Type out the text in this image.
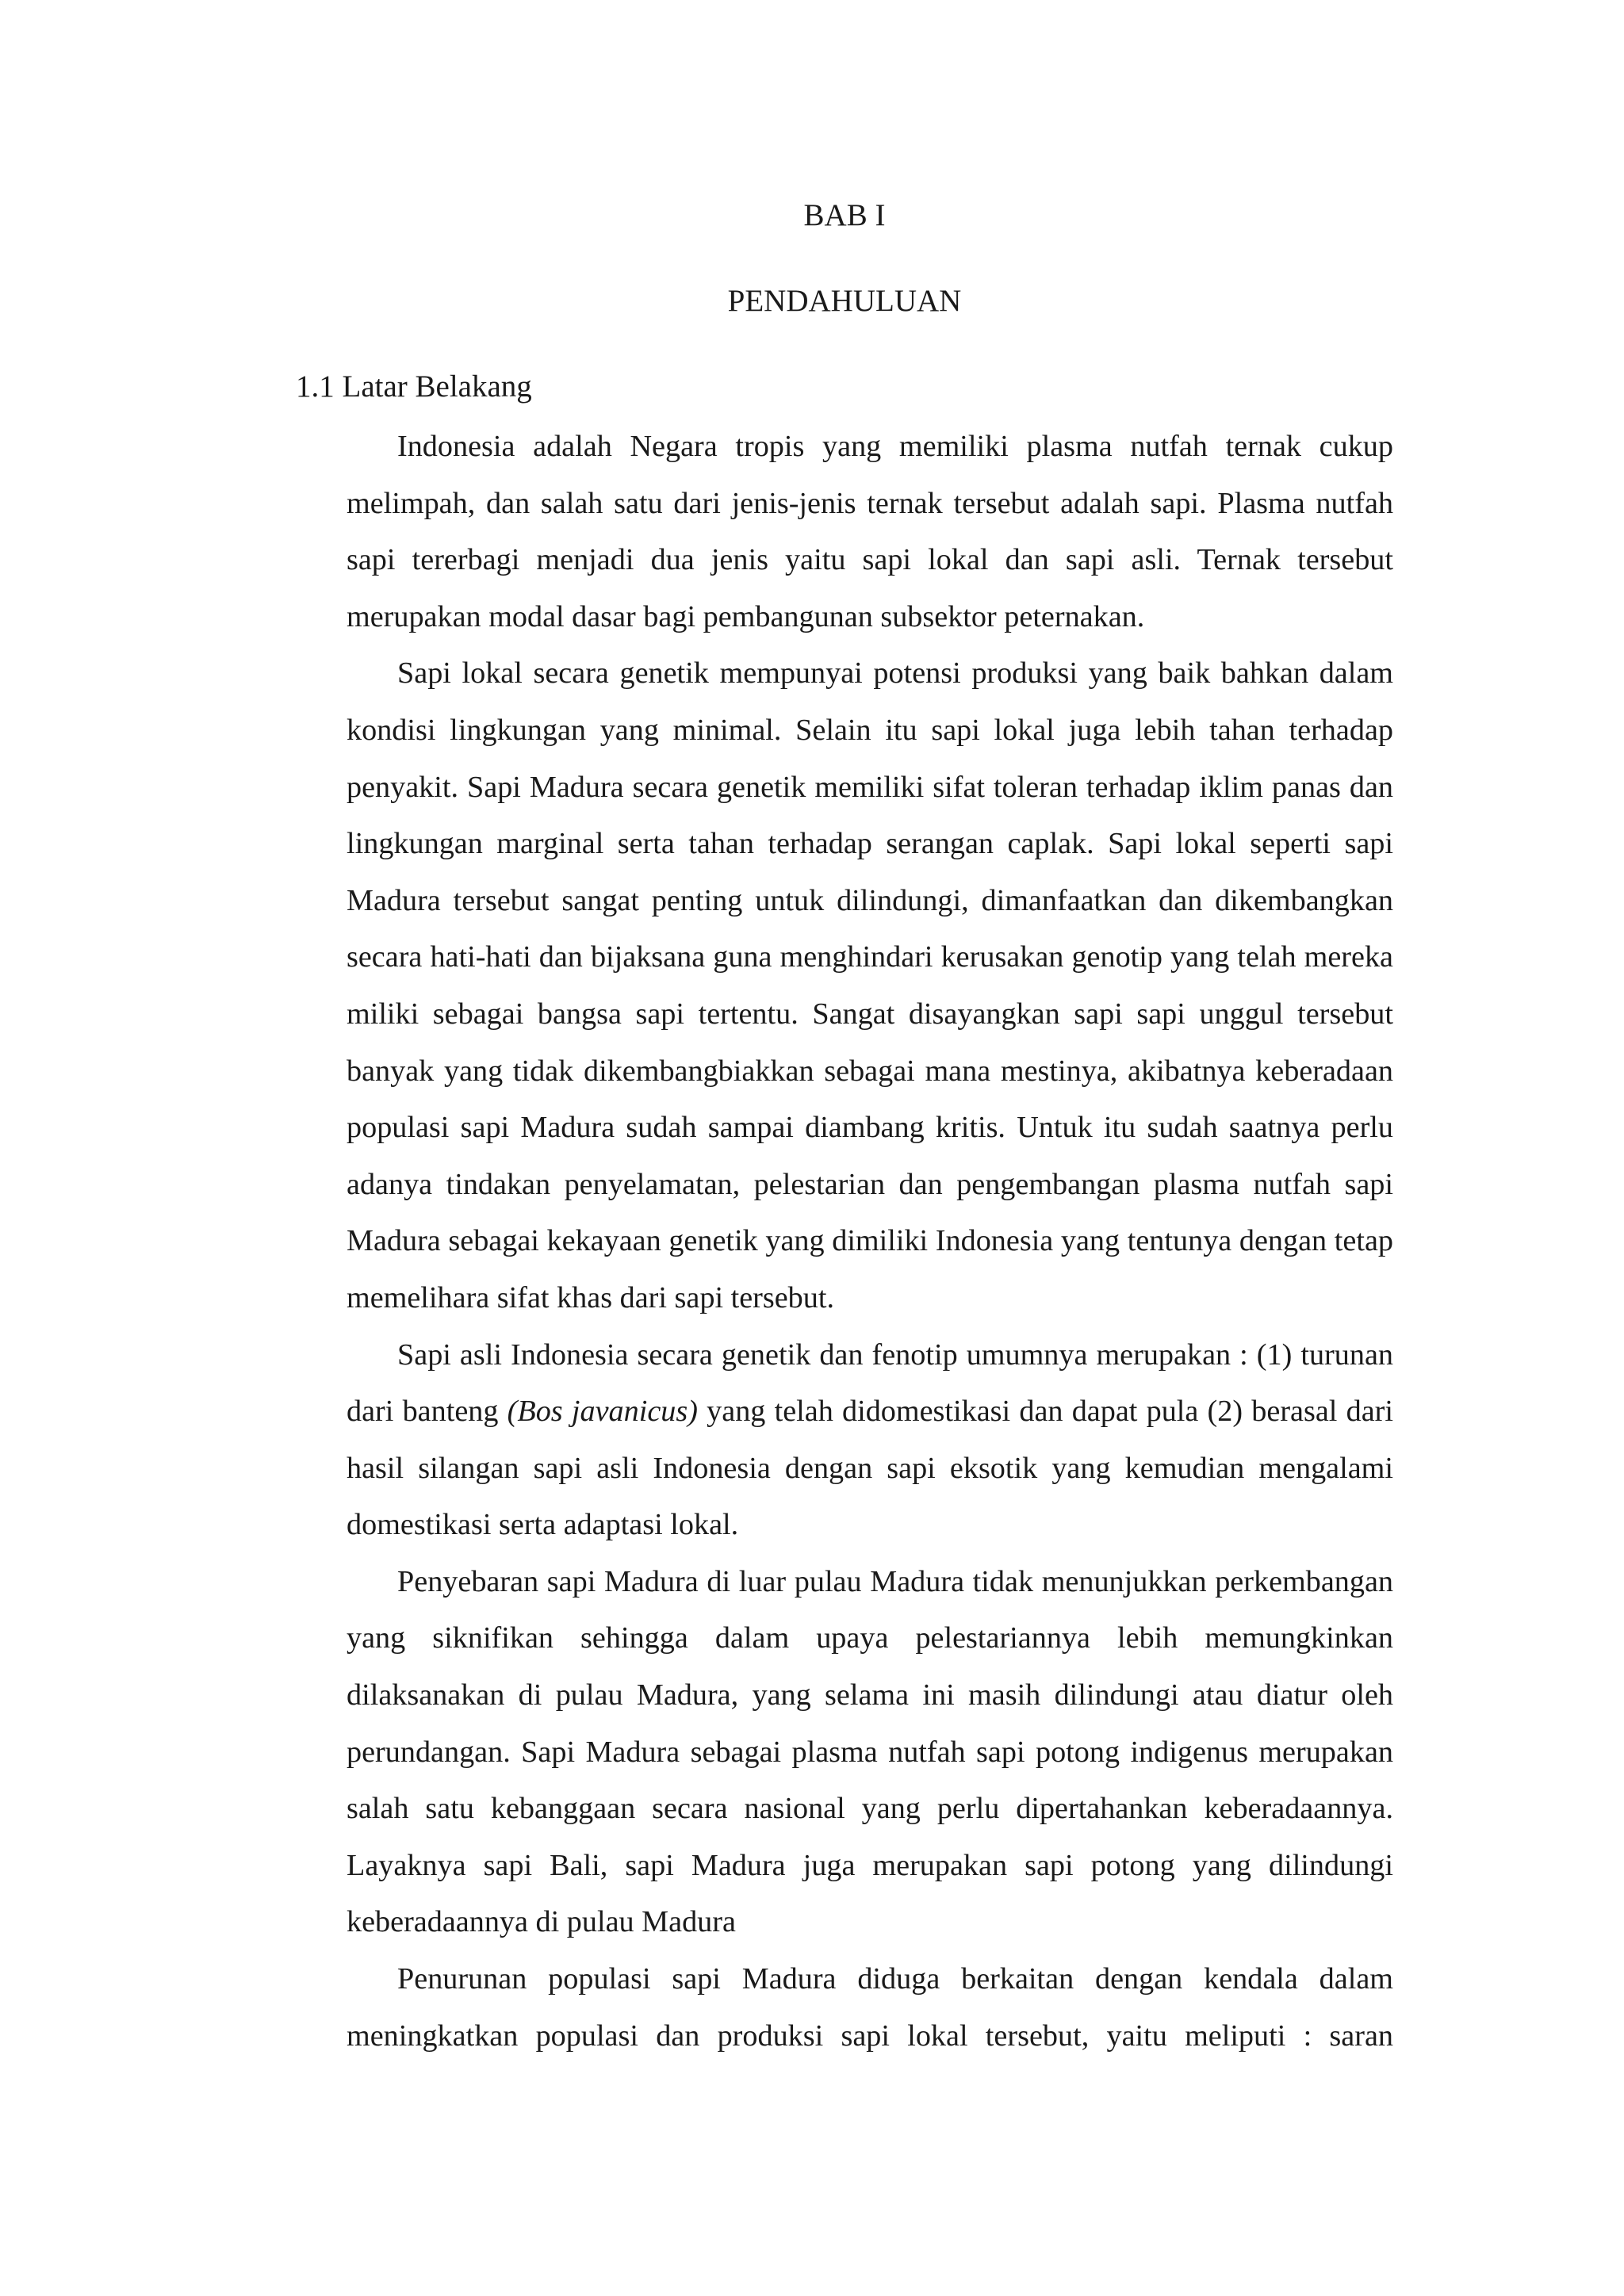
BAB I
PENDAHULUAN
1.1 Latar Belakang

Indonesia adalah Negara tropis yang memiliki plasma nutfah ternak cukup melimpah, dan salah satu dari jenis-jenis ternak tersebut adalah sapi. Plasma nutfah sapi tererbagi menjadi dua jenis yaitu sapi lokal dan sapi asli. Ternak tersebut merupakan modal dasar bagi pembangunan subsektor peternakan.

Sapi lokal secara genetik mempunyai potensi produksi yang baik bahkan dalam kondisi lingkungan yang minimal. Selain itu sapi lokal juga lebih tahan terhadap penyakit. Sapi Madura secara genetik memiliki sifat toleran terhadap iklim panas dan lingkungan marginal serta tahan terhadap serangan caplak. Sapi lokal seperti sapi Madura tersebut sangat penting untuk dilindungi, dimanfaatkan dan dikembangkan secara hati-hati dan bijaksana guna menghindari kerusakan genotip yang telah mereka miliki sebagai bangsa sapi tertentu. Sangat disayangkan sapi sapi unggul tersebut banyak yang tidak dikembangbiakkan sebagai mana mestinya, akibatnya keberadaan populasi sapi Madura sudah sampai diambang kritis. Untuk itu sudah saatnya perlu adanya tindakan penyelamatan, pelestarian dan pengembangan plasma nutfah sapi Madura sebagai kekayaan genetik yang dimiliki Indonesia yang tentunya dengan tetap memelihara sifat khas dari sapi tersebut.

Sapi asli Indonesia secara genetik dan fenotip umumnya merupakan : (1) turunan dari banteng (Bos javanicus) yang telah didomestikasi dan dapat pula (2) berasal dari hasil silangan sapi asli Indonesia dengan sapi eksotik yang kemudian mengalami domestikasi serta adaptasi lokal.

Penyebaran sapi Madura di luar pulau Madura tidak menunjukkan perkembangan yang siknifikan sehingga dalam upaya pelestariannya lebih memungkinkan dilaksanakan di pulau Madura, yang selama ini masih dilindungi atau diatur oleh perundangan. Sapi Madura sebagai plasma nutfah sapi potong indigenus merupakan salah satu kebanggaan secara nasional yang perlu dipertahankan keberadaannya. Layaknya sapi Bali, sapi Madura juga merupakan sapi potong yang dilindungi keberadaannya di pulau Madura

Penurunan populasi sapi Madura diduga berkaitan dengan kendala dalam meningkatkan populasi dan produksi sapi lokal tersebut, yaitu meliputi : saran
